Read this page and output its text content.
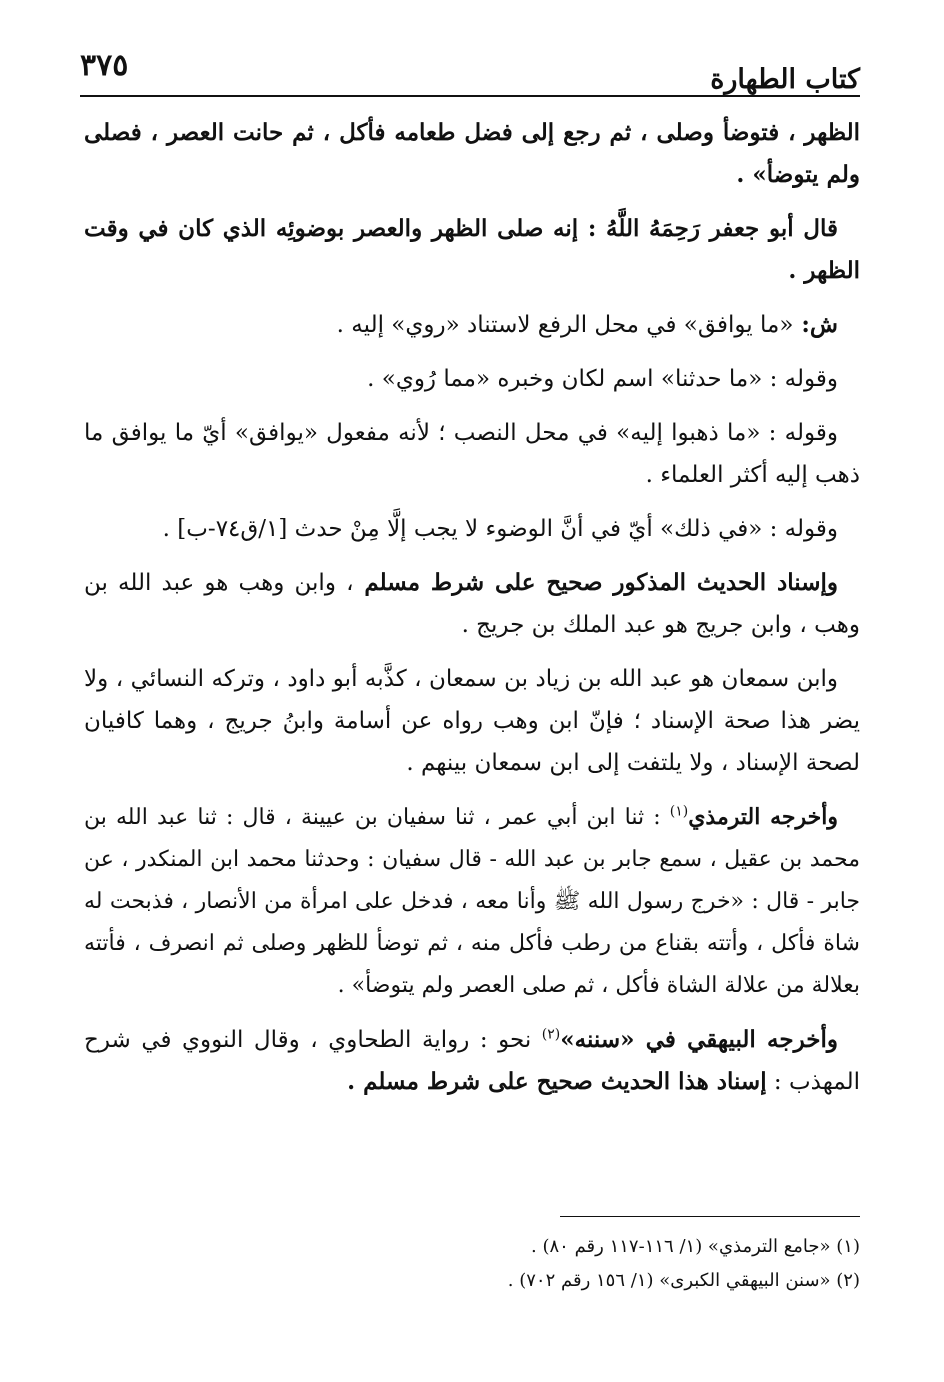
كتاب الطهارة
٣٧٥

الظهر ، فتوضأ وصلى ، ثم رجع إلى فضل طعامه فأكل ، ثم حانت العصر ، فصلى ولم يتوضأ» .

قال أبو جعفر رَحِمَهُ اللَّهُ : إنه صلى الظهر والعصر بوضوئِه الذي كان في وقت الظهر .

ش: «ما يوافق» في محل الرفع لاستناد «روي» إليه .

وقوله : «ما حدثنا» اسم لكان وخبره «مما رُوي» .

وقوله : «ما ذهبوا إليه» في محل النصب ؛ لأنه مفعول «يوافق» أيّ ما يوافق ما ذهب إليه أكثر العلماء .

وقوله : «في ذلك» أيّ في أنَّ الوضوء لا يجب إلَّا مِنْ حدث [١/ق٧٤-ب] .

وإسناد الحديث المذكور صحيح على شرط مسلم ، وابن وهب هو عبد الله بن وهب ، وابن جريج هو عبد الملك بن جريج .

وابن سمعان هو عبد الله بن زياد بن سمعان ، كذَّبه أبو داود ، وتركه النسائي ، ولا يضر هذا صحة الإسناد ؛ فإنّ ابن وهب رواه عن أسامة وابنُ جريج ، وهما كافيان لصحة الإسناد ، ولا يلتفت إلى ابن سمعان بينهم .

وأخرجه الترمذي$^{(١)}$ : ثنا ابن أبي عمر ، ثنا سفيان بن عيينة ، قال : ثنا عبد الله بن محمد بن عقيل ، سمع جابر بن عبد الله - قال سفيان : وحدثنا محمد ابن المنكدر ، عن جابر - قال : «خرج رسول الله ﷺ وأنا معه ، فدخل على امرأة من الأنصار ، فذبحت له شاة فأكل ، وأتته بقناع من رطب فأكل منه ، ثم توضأ للظهر وصلى ثم انصرف ، فأتته بعلالة من علالة الشاة فأكل ، ثم صلى العصر ولم يتوضأ» .

وأخرجه البيهقي في «سننه»$^{(٢)}$ نحو : رواية الطحاوي ، وقال النووي في شرح المهذب : إسناد هذا الحديث صحيح على شرط مسلم .

(١) «جامع الترمذي» (١/ ١١٦-١١٧ رقم ٨٠) .

(٢) «سنن البيهقي الكبرى» (١/ ١٥٦ رقم ٧٠٢) .
